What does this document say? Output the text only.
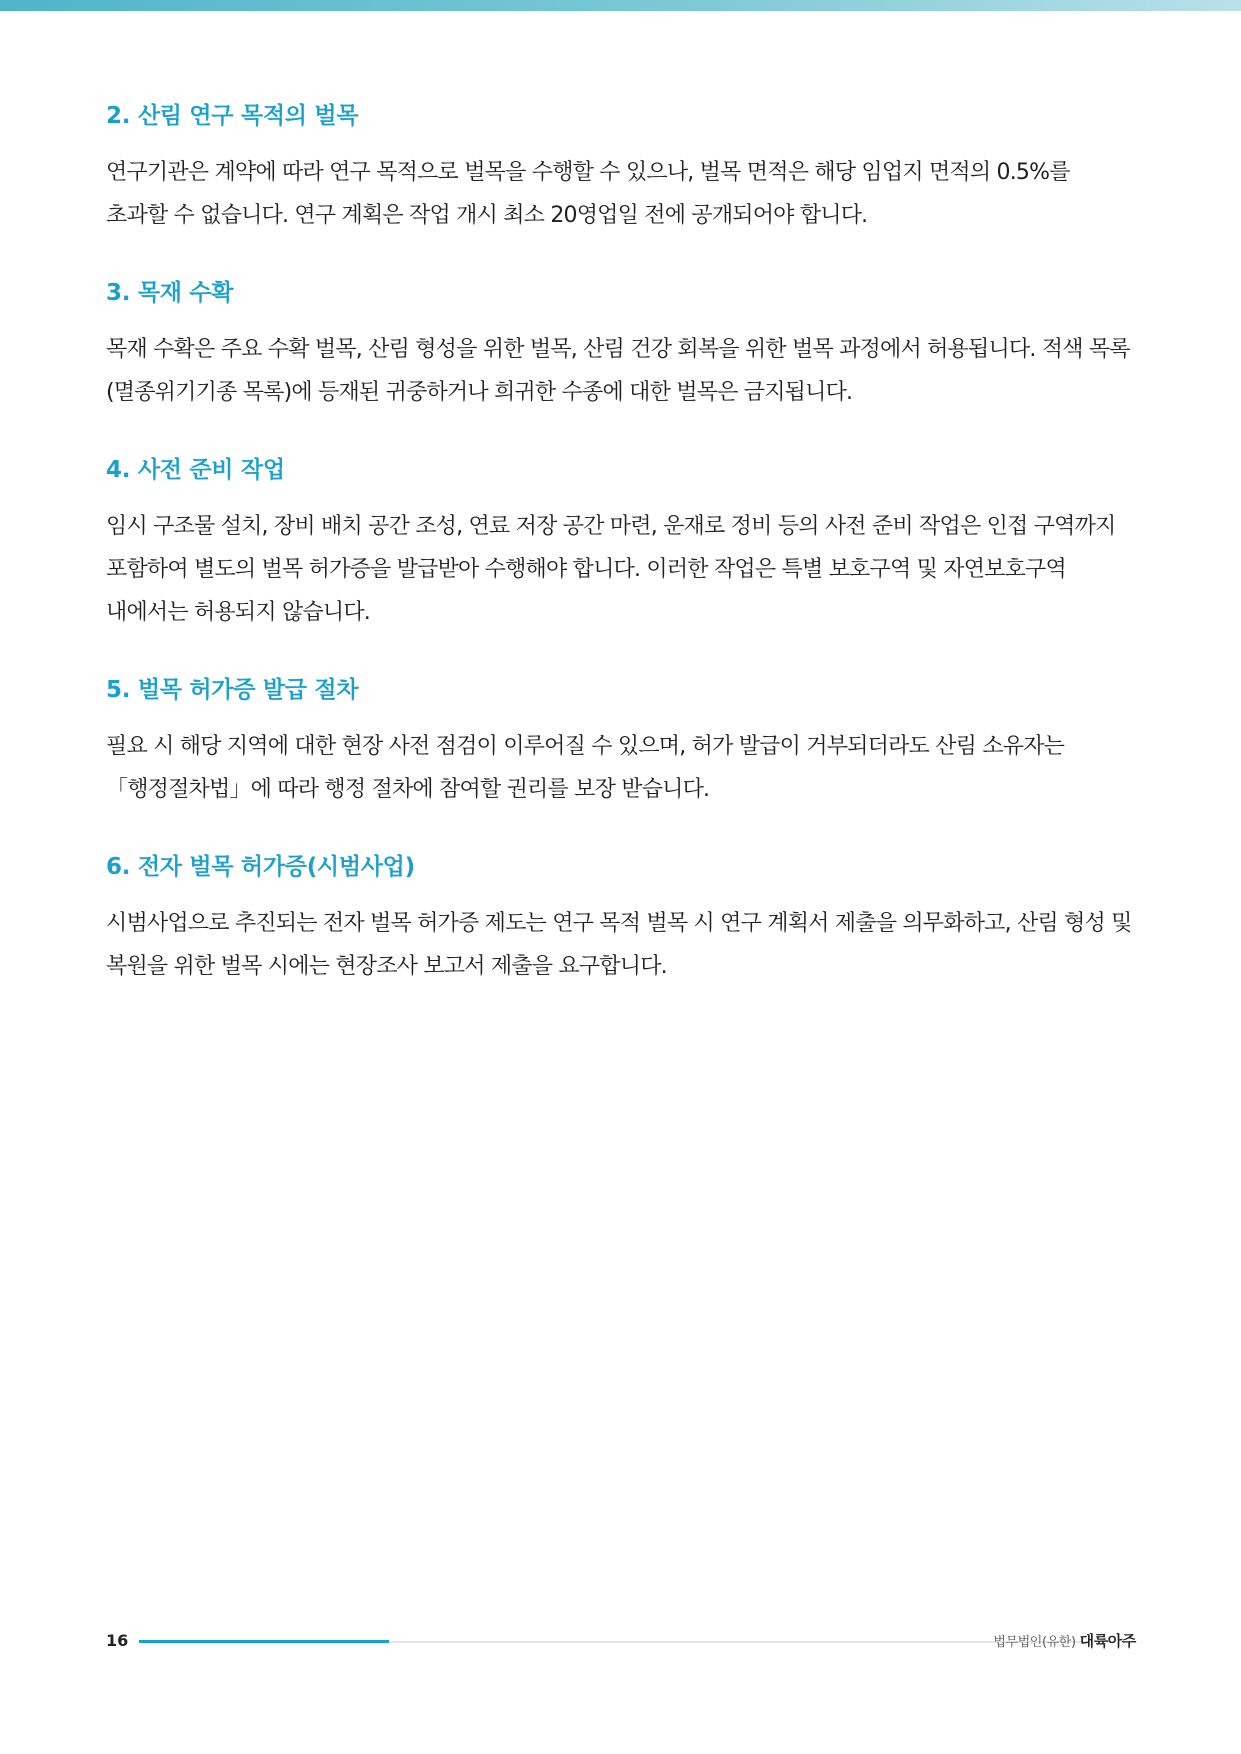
2. 산림 연구 목적의 벌목

연구기관은 계약에 따라 연구 목적으로 벌목을 수행할 수 있으나, 벌목 면적은 해당 임업지 면적의 0.5%를 초과할 수 없습니다. 연구 계획은 작업 개시 최소 20영업일 전에 공개되어야 합니다.

3. 목재 수확

목재 수확은 주요 수확 벌목, 산림 형성을 위한 벌목, 산림 건강 회복을 위한 벌목 과정에서 허용됩니다. 적색 목록(멸종위기기종 목록)에 등재된 귀중하거나 희귀한 수종에 대한 벌목은 금지됩니다.

4. 사전 준비 작업

임시 구조물 설치, 장비 배치 공간 조성, 연료 저장 공간 마련, 운재로 정비 등의 사전 준비 작업은 인접 구역까지 포함하여 별도의 벌목 허가증을 발급받아 수행해야 합니다. 이러한 작업은 특별 보호구역 및 자연보호구역 내에서는 허용되지 않습니다.

5. 벌목 허가증 발급 절차

필요 시 해당 지역에 대한 현장 사전 점검이 이루어질 수 있으며, 허가 발급이 거부되더라도 산림 소유자는 「행정절차법」에 따라 행정 절차에 참여할 권리를 보장 받습니다.

6. 전자 벌목 허가증(시범사업)

시범사업으로 추진되는 전자 벌목 허가증 제도는 연구 목적 벌목 시 연구 계획서 제출을 의무화하고, 산림 형성 및 복원을 위한 벌목 시에는 현장조사 보고서 제출을 요구합니다.

16	법무법인(유한) 대륙아주
